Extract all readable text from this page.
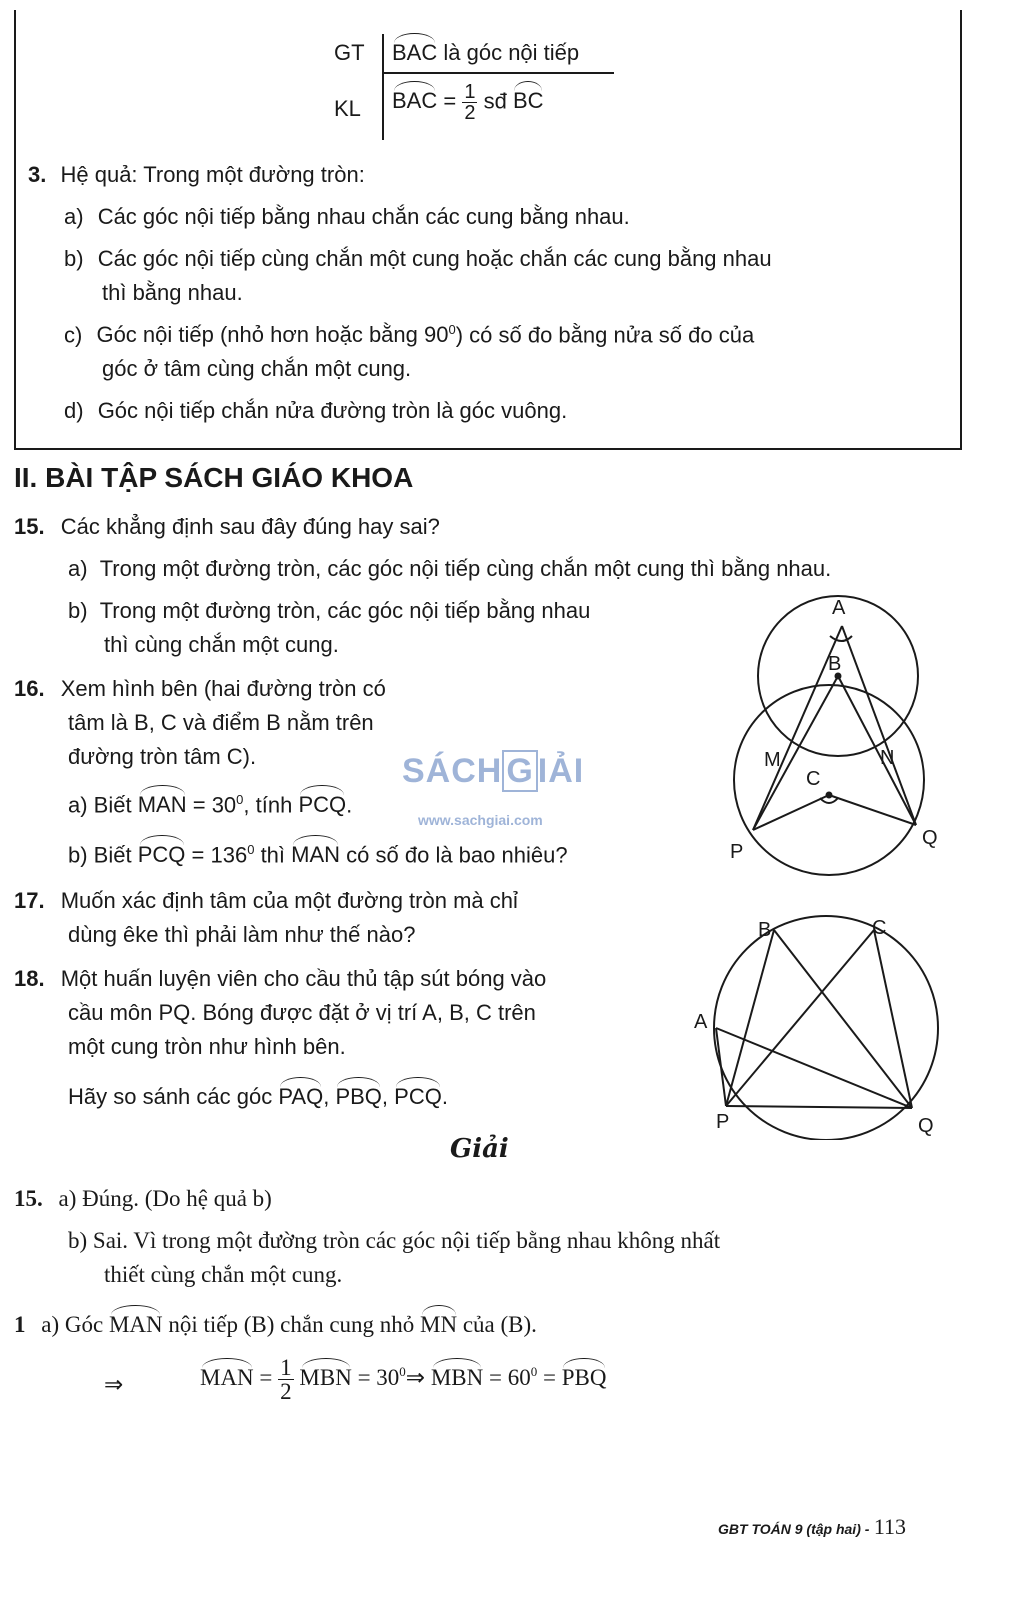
GT BAC là góc nội tiếp
KL BAC = $\frac{1}{2}$ sđ BC
3. Hệ quả: Trong một đường tròn:
a) Các góc nội tiếp bằng nhau chắn các cung bằng nhau.
b) Các góc nội tiếp cùng chắn một cung hoặc chắn các cung bằng nhau
thì bằng nhau.
c) Góc nội tiếp (nhỏ hơn hoặc bằng $90^0$) có số đo bằng nửa số đo của
góc ở tâm cùng chắn một cung.
d) Góc nội tiếp chắn nửa đường tròn là góc vuông.
II. BÀI TẬP SÁCH GIÁO KHOA
15. Các khẳng định sau đây đúng hay sai?
a) Trong một đường tròn, các góc nội tiếp cùng chắn một cung thì bằng nhau.
b) Trong một đường tròn, các góc nội tiếp bằng nhau
thì cùng chắn một cung.
16. Xem hình bên (hai đường tròn có
tâm là B, C và điểm B nằm trên
đường tròn tâm C).
a) Biết MAN = $30^0$, tính PCQ.
b) Biết PCQ = $136^0$ thì MAN có số đo là bao nhiêu?
SÁCH G IẢI
www.sachgiai.com
17. Muốn xác định tâm của một đường tròn mà chỉ
dùng êke thì phải làm như thế nào?
18. Một huấn luyện viên cho cầu thủ tập sút bóng vào
cầu môn PQ. Bóng được đặt ở vị trí A, B, C trên
một cung tròn như hình bên.
Hãy so sánh các góc PAQ, PBQ, PCQ.
A
B
C
M	N
P
Q
A
B	C
P	Q
Giải
15. a) Đúng. (Do hệ quả b)
b) Sai. Vì trong một đường tròn các góc nội tiếp bằng nhau không nhất
thiết cùng chắn một cung.
1 a) Góc MAN nội tiếp (B) chắn cung nhỏ MN của (B).
⇒	MAN = $\frac{1}{2}$ MBN = $30^0\Rightarrow$ MBN = $60^0$ = PBQ
GBT TOÁN 9 (tập hai) - 113
